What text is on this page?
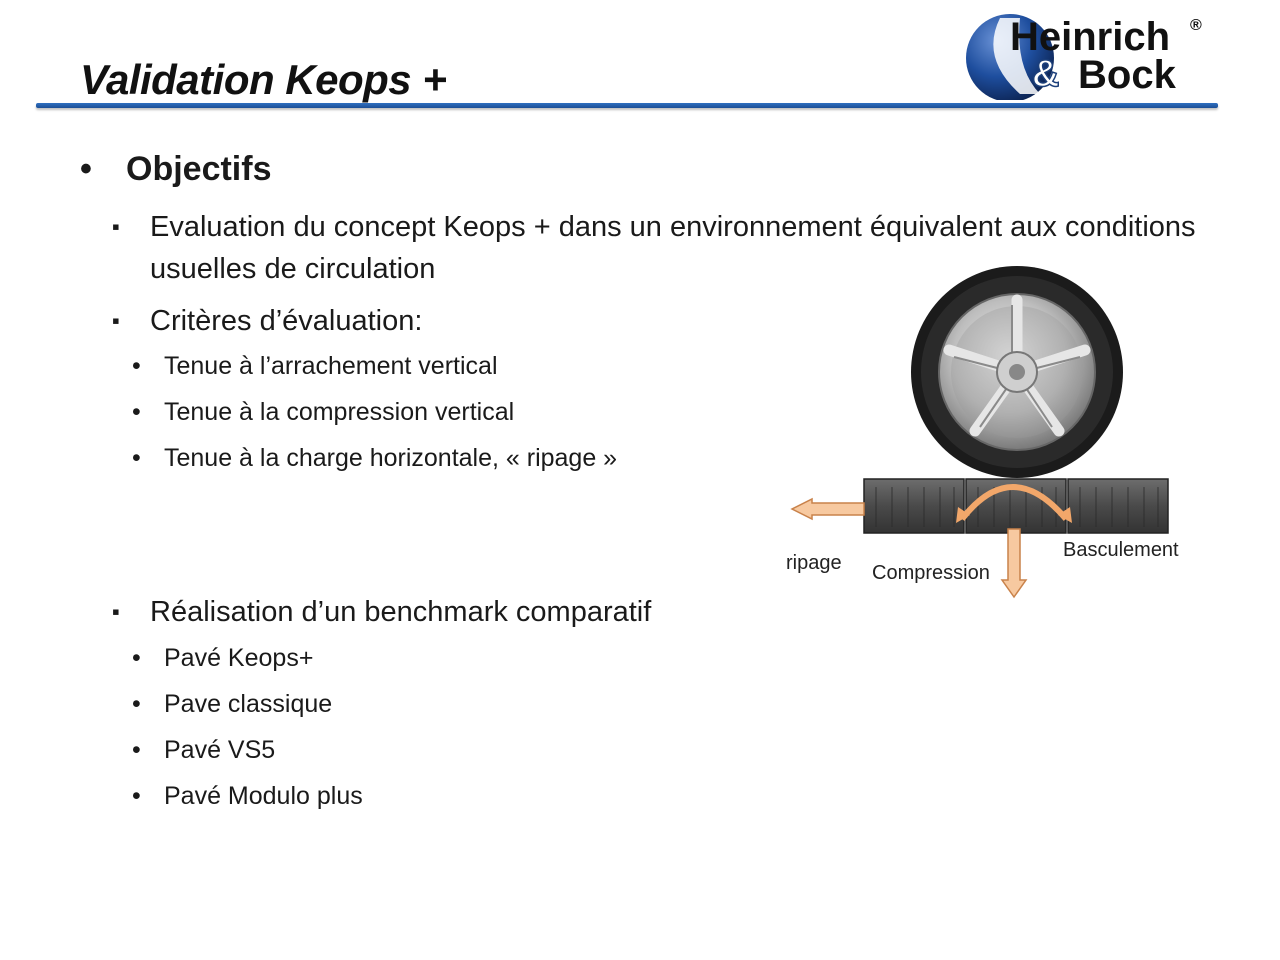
Validation Keops +
Heinrich
& Bock
®
• Objectifs
▪ Evaluation du concept Keops + dans un environnement équivalent aux conditions usuelles de circulation
▪ Critères d’évaluation:
• Tenue à l’arrachement vertical
• Tenue à la compression vertical
• Tenue à la charge horizontale, « ripage »
▪ Réalisation d’un benchmark comparatif
• Pavé Keops+
• Pave classique
• Pavé VS5
• Pavé Modulo plus
ripage Compression
Basculement
